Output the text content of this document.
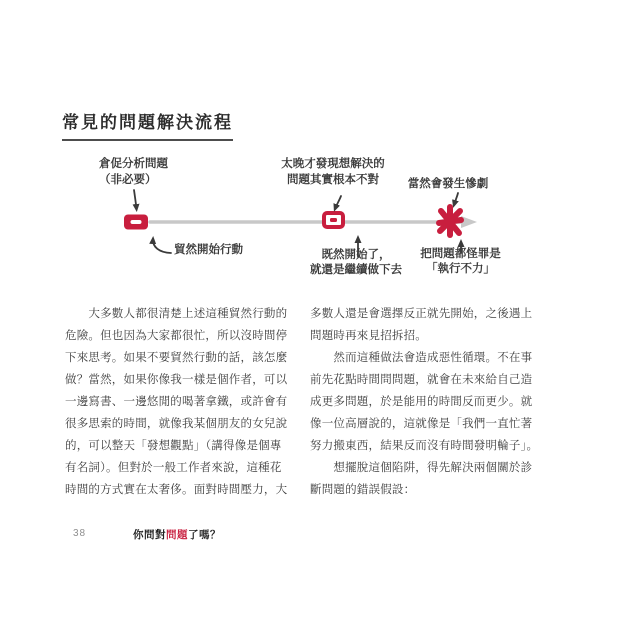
常見的問題解決流程
倉促分析問題
（非必要）
太晚才發現想解決的
問題其實根本不對	當然會發生慘劇
貿然開始行動	既然開始了，
就還是繼續做下去
把問題都怪罪是
「執行不力」
　　大多數人都很清楚上述這種貿然行動的
危險。但也因為大家都很忙，所以沒時間停
下來思考。如果不要貿然行動的話，該怎麼
做？當然，如果你像我一樣是個作者，可以
一邊寫書、一邊悠閒的喝著拿鐵，或許會有
很多思索的時間，就像我某個朋友的女兒說
的，可以整天「發想觀點」（講得像是個專
有名詞）。但對於一般工作者來說，這種花
時間的方式實在太奢侈。面對時間壓力，大
多數人還是會選擇反正就先開始，之後遇上
問題時再來見招拆招。
　　然而這種做法會造成惡性循環。不在事
前先花點時間問問題，就會在未來給自己造
成更多問題，於是能用的時間反而更少。就
像一位高層說的，這就像是「我們一直忙著
努力搬東西，結果反而沒有時間發明輪子」。
　　想擺脫這個陷阱，得先解決兩個關於診
斷問題的錯誤假設：
38	你問對問題了嗎？
